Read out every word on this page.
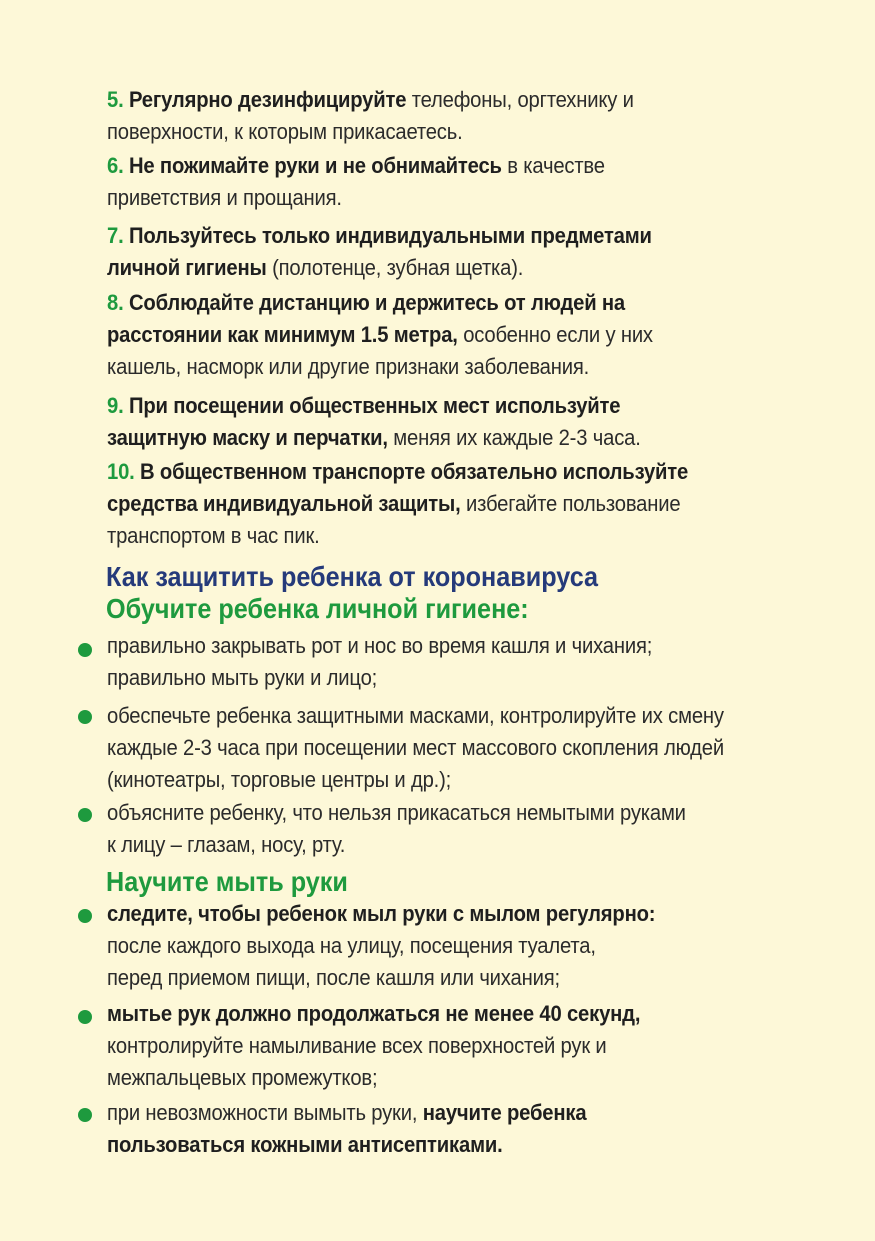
5. Регулярно дезинфицируйте телефоны, оргтехнику и
поверхности, к которым прикасаетесь.
6. Не пожимайте руки и не обнимайтесь в качестве
приветствия и прощания.
7. Пользуйтесь только индивидуальными предметами
личной гигиены (полотенце, зубная щетка).
8. Соблюдайте дистанцию и держитесь от людей на
расстоянии как минимум 1.5 метра, особенно если у них
кашель, насморк или другие признаки заболевания.
9. При посещении общественных мест используйте
защитную маску и перчатки, меняя их каждые 2-3 часа.
10. В общественном транспорте обязательно используйте
средства индивидуальной защиты, избегайте пользование
транспортом в час пик.
Как защитить ребенка от коронавируса
Обучите ребенка личной гигиене:
правильно закрывать рот и нос во время кашля и чихания;
правильно мыть руки и лицо;
обеспечьте ребенка защитными масками, контролируйте их смену
каждые 2-3 часа при посещении мест массового скопления людей
(кинотеатры, торговые центры и др.);
объясните ребенку, что нельзя прикасаться немытыми руками
к лицу – глазам, носу, рту.
Научите мыть руки
следите, чтобы ребенок мыл руки с мылом регулярно:
после каждого выхода на улицу, посещения туалета,
перед приемом пищи, после кашля или чихания;
мытье рук должно продолжаться не менее 40 секунд,
контролируйте намыливание всех поверхностей рук и
межпальцевых промежутков;
при невозможности вымыть руки, научите ребенка
пользоваться кожными антисептиками.
